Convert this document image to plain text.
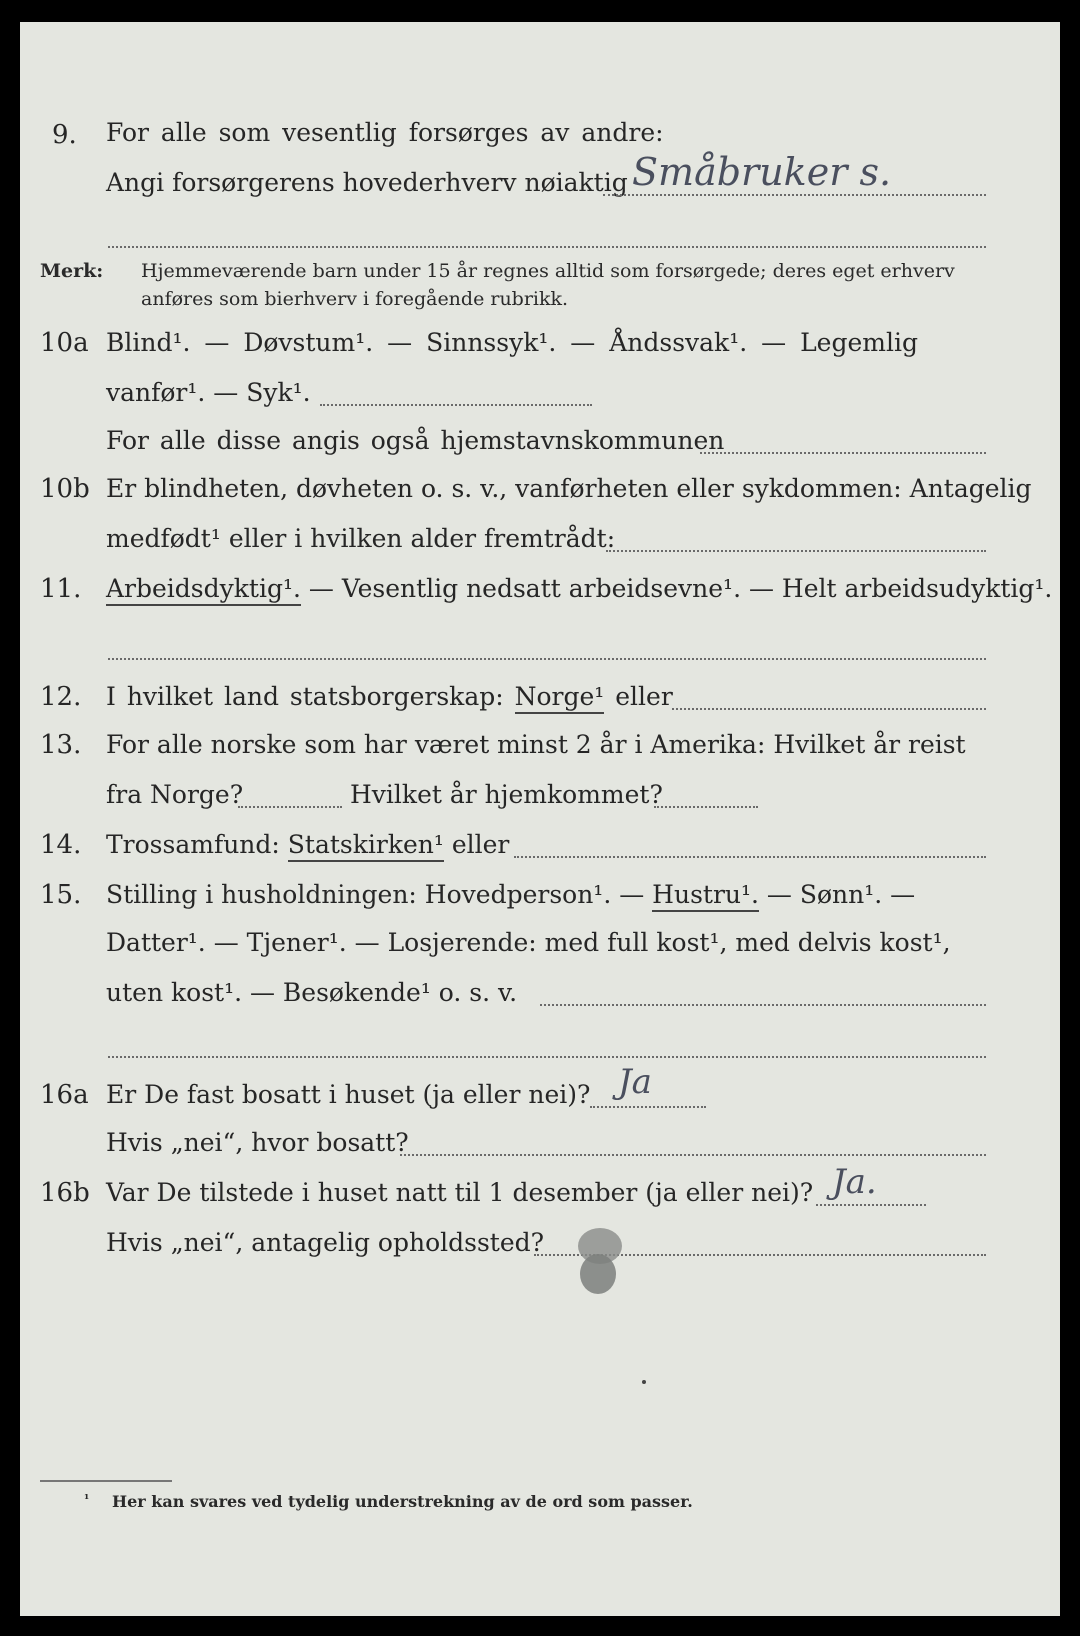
9. For alle som vesentlig forsørges av andre:
Angi forsørgerens hovederhverv nøiaktig Småbruker s.
Merk: Hjemmeværende barn under 15 år regnes alltid som forsørgede; deres eget erhverv
anføres som bierhverv i foregående rubrikk.
10a Blind¹. — Døvstum¹. — Sinnssyk¹. — Åndssvak¹. — Legemlig
vanfør¹. — Syk¹.
For alle disse angis også hjemstavnskommunen
10b Er blindheten, døvheten o. s. v., vanførheten eller sykdommen: Antagelig
medfødt¹ eller i hvilken alder fremtrådt:
11. Arbeidsdyktig¹. — Vesentlig nedsatt arbeidsevne¹. — Helt arbeidsudyktig¹.
12. I hvilket land statsborgerskap: Norge¹ eller
13. For alle norske som har været minst 2 år i Amerika: Hvilket år reist
fra Norge?	Hvilket år hjemkommet?
14. Trossamfund: Statskirken¹ eller
15. Stilling i husholdningen: Hovedperson¹. — Hustru¹. — Sønn¹. —
Datter¹. — Tjener¹. — Losjerende: med full kost¹, med delvis kost¹,
uten kost¹. — Besøkende¹ o. s. v.
16a Er De fast bosatt i huset (ja eller nei)? Ja
Hvis „nei“, hvor bosatt?
16b Var De tilstede i huset natt til 1 desember (ja eller nei)? Ja.
Hvis „nei“, antagelig opholdssted?
¹ Her kan svares ved tydelig understrekning av de ord som passer.
